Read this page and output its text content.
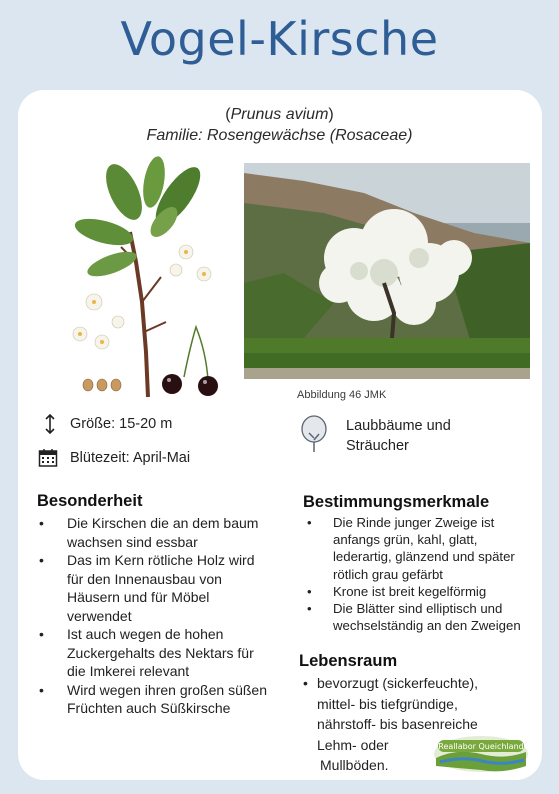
Vogel-Kirsche
(Prunus avium)
Familie: Rosengewächse (Rosaceae)
Abbildung 46 JMK
Größe: 15-20 m
Blütezeit: April-Mai
Laubbäume und
Sträucher
Besonderheit
• Die Kirschen die an dem baum wachsen sind essbar
• Das im Kern rötliche Holz wird für den Innenausbau von Häusern und für Möbel verwendet
• Ist auch wegen de hohen Zuckergehalts des Nektars für die Imkerei relevant
• Wird wegen ihren großen süßen Früchten auch Süßkirsche
Bestimmungsmerkmale
• Die Rinde junger Zweige ist anfangs grün, kahl, glatt, lederartig, glänzend und später rötlich grau gefärbt
• Krone ist breit kegelförmig
• Die Blätter sind elliptisch und wechselständig an den Zweigen
Lebensraum
• bevorzugt (sickerfeuchte),
mittel- bis tiefgründige,
nährstoff- bis basenreiche
Lehm- oder
Mullböden.
Reallabor Queichland
